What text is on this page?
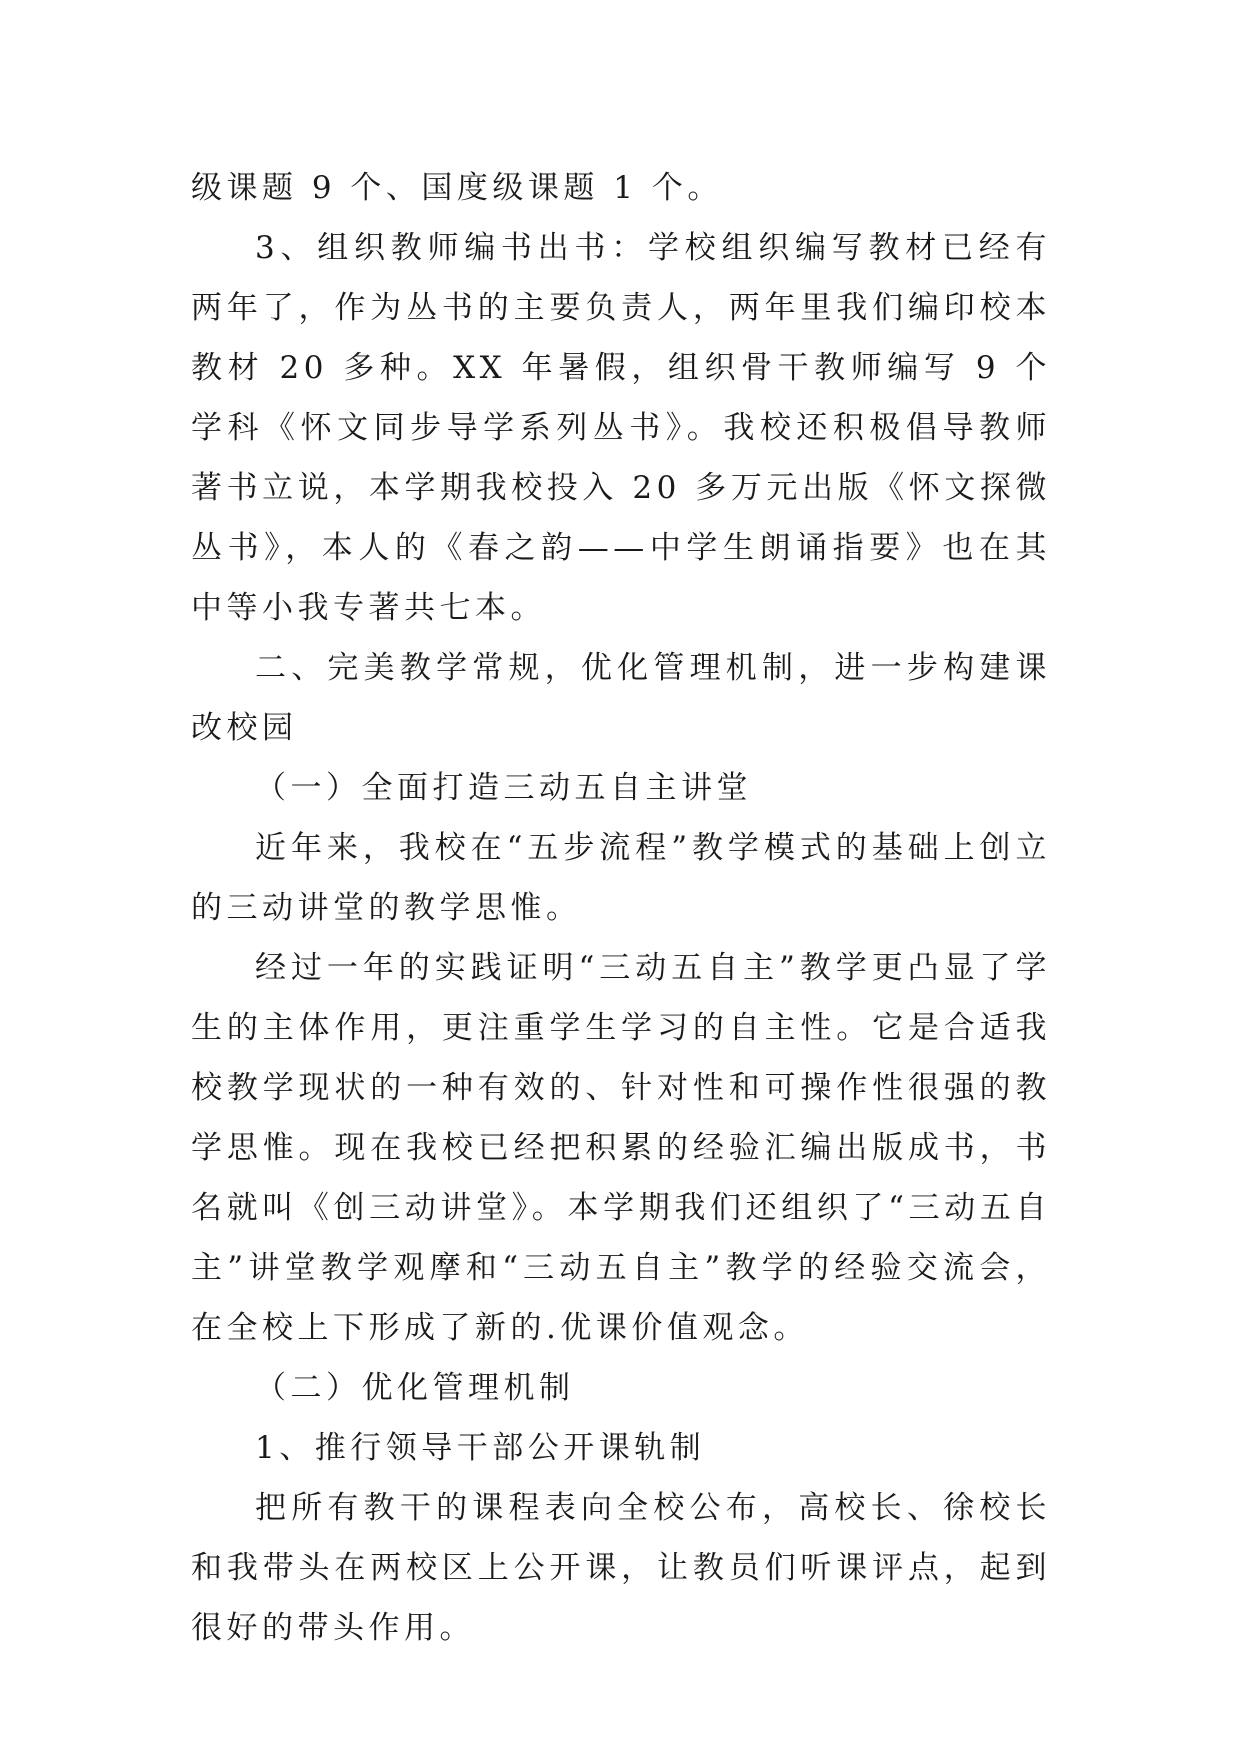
级课题 9 个、国度级课题 1 个。

3、组织教师编书出书：学校组织编写教材已经有两年了，作为丛书的主要负责人，两年里我们编印校本教材 20 多种。XX 年暑假，组织骨干教师编写 9 个学科《怀文同步导学系列丛书》。我校还积极倡导教师著书立说，本学期我校投入 20 多万元出版《怀文探微丛书》，本人的《春之韵——中学生朗诵指要》也在其中等小我专著共七本。

二、完美教学常规，优化管理机制，进一步构建课改校园

（一）全面打造三动五自主讲堂

近年来，我校在“五步流程”教学模式的基础上创立的三动讲堂的教学思惟。

经过一年的实践证明“三动五自主”教学更凸显了学生的主体作用，更注重学生学习的自主性。它是合适我校教学现状的一种有效的、针对性和可操作性很强的教学思惟。现在我校已经把积累的经验汇编出版成书，书名就叫《创三动讲堂》。本学期我们还组织了“三动五自主”讲堂教学观摩和“三动五自主”教学的经验交流会，在全校上下形成了新的.优课价值观念。

（二）优化管理机制

1、推行领导干部公开课轨制

把所有教干的课程表向全校公布，高校长、徐校长和我带头在两校区上公开课，让教员们听课评点，起到很好的带头作用。
